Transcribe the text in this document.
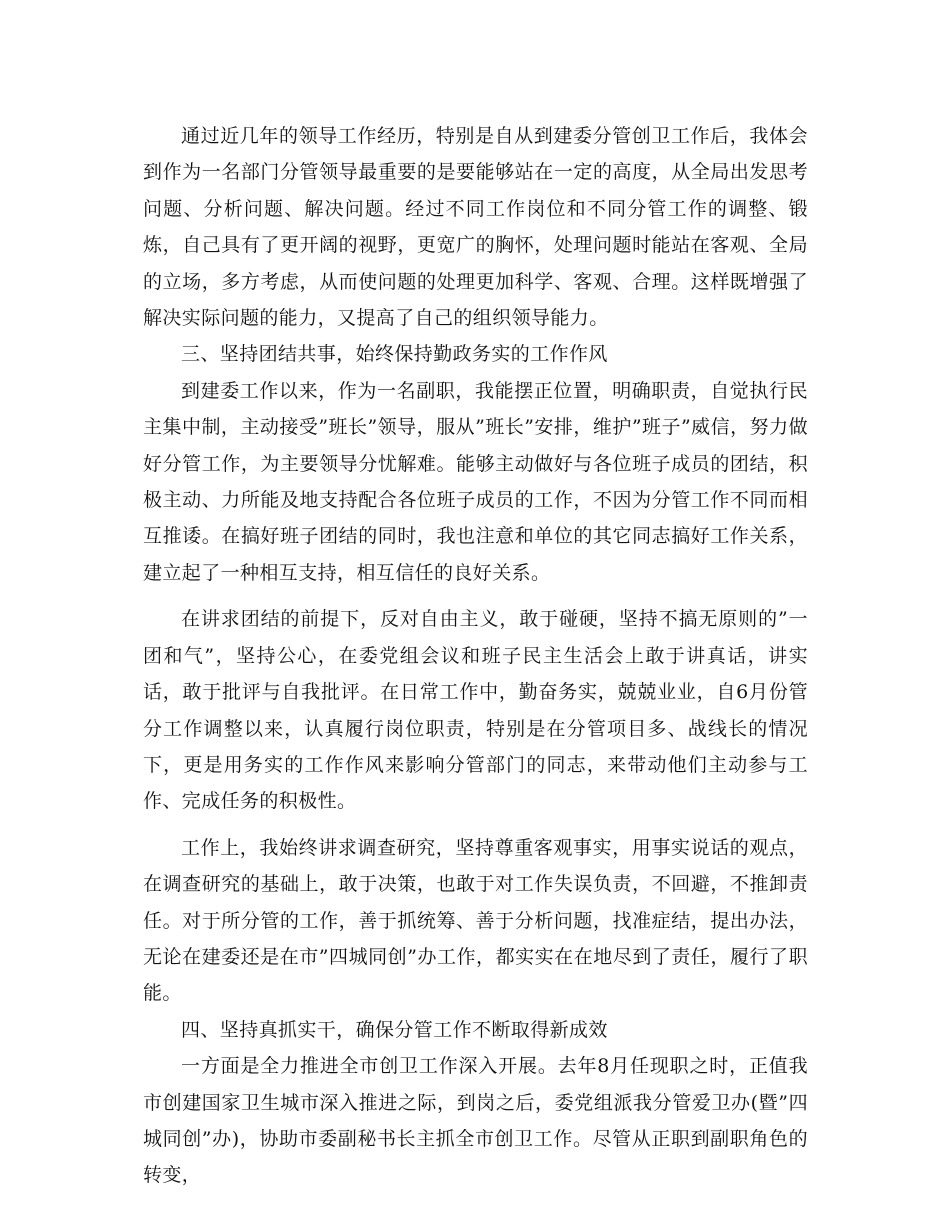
通过近几年的领导工作经历，特别是自从到建委分管创卫工作后，我体会到作为一名部门分管领导最重要的是要能够站在一定的高度，从全局出发思考问题、分析问题、解决问题。经过不同工作岗位和不同分管工作的调整、锻炼，自己具有了更开阔的视野，更宽广的胸怀，处理问题时能站在客观、全局的立场，多方考虑，从而使问题的处理更加科学、客观、合理。这样既增强了解决实际问题的能力，又提高了自己的组织领导能力。

三、坚持团结共事，始终保持勤政务实的工作作风

到建委工作以来，作为一名副职，我能摆正位置，明确职责，自觉执行民主集中制，主动接受”班长”领导，服从”班长”安排，维护”班子”威信，努力做好分管工作，为主要领导分忧解难。能够主动做好与各位班子成员的团结，积极主动、力所能及地支持配合各位班子成员的工作，不因为分管工作不同而相互推诿。在搞好班子团结的同时，我也注意和单位的其它同志搞好工作关系，建立起了一种相互支持，相互信任的良好关系。

在讲求团结的前提下，反对自由主义，敢于碰硬，坚持不搞无原则的”一团和气”，坚持公心，在委党组会议和班子民主生活会上敢于讲真话，讲实话，敢于批评与自我批评。在日常工作中，勤奋务实，兢兢业业，自6月份管分工作调整以来，认真履行岗位职责，特别是在分管项目多、战线长的情况下，更是用务实的工作作风来影响分管部门的同志，来带动他们主动参与工作、完成任务的积极性。

工作上，我始终讲求调查研究，坚持尊重客观事实，用事实说话的观点，在调查研究的基础上，敢于决策，也敢于对工作失误负责，不回避，不推卸责任。对于所分管的工作，善于抓统筹、善于分析问题，找准症结，提出办法，无论在建委还是在市”四城同创”办工作，都实实在在地尽到了责任，履行了职能。

四、坚持真抓实干，确保分管工作不断取得新成效

一方面是全力推进全市创卫工作深入开展。去年8月任现职之时，正值我市创建国家卫生城市深入推进之际，到岗之后，委党组派我分管爱卫办(暨”四城同创”办)，协助市委副秘书长主抓全市创卫工作。尽管从正职到副职角色的转变，
